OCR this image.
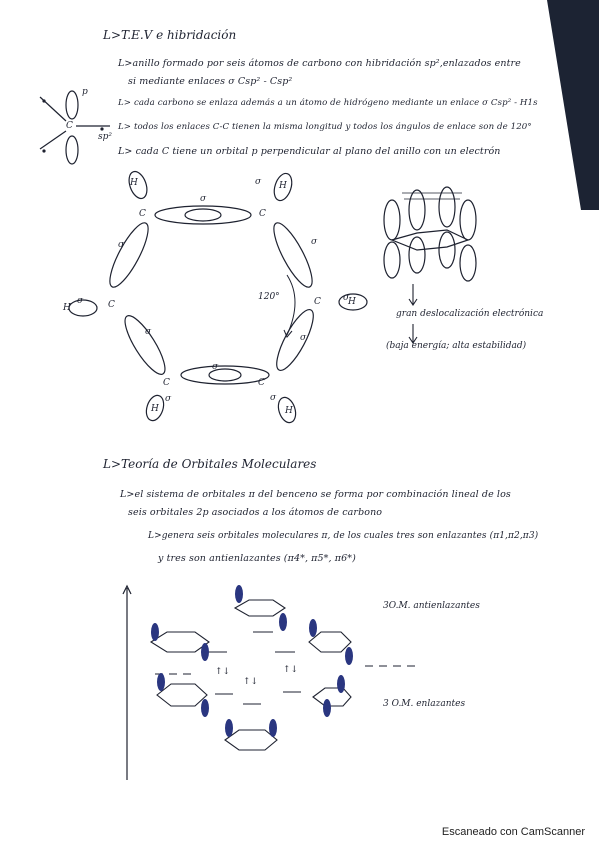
L>T.E.V e hibridación
L>anillo formado por seis átomos de carbono con hibridación sp²,enlazados entre
si mediante enlaces σ Csp² - Csp²
L> cada carbono se enlaza además a un átomo de hidrógeno mediante un enlace σ Csp² - H1s
L> todos los enlaces C-C tienen la misma longitud y todos los ángulos de enlace son de 120°
L> cada C tiene un orbital p perpendicular al plano del anillo con un electrón
C
p
sp²
C	C
C	C
C	C
H	H
H
H
H	H
σ
σ
σ	σ
σ	σ
σ
σ
σ
σ	σ
120°
gran deslocalización electrónica
(baja energía; alta estabilidad)
L>Teoría de Orbitales Moleculares
L>el sistema de orbitales π del benceno se forma por combinación lineal de los
seis orbitales 2p asociados a los átomos de carbono
L>genera seis orbitales moleculares π, de los cuales tres son enlazantes (π1,π2,π3)
y tres son antienlazantes (π4*, π5*, π6*)
↑↓
↑↓
↑↓
3O.M. antienlazantes
3 O.M. enlazantes
Escaneado con CamScanner
